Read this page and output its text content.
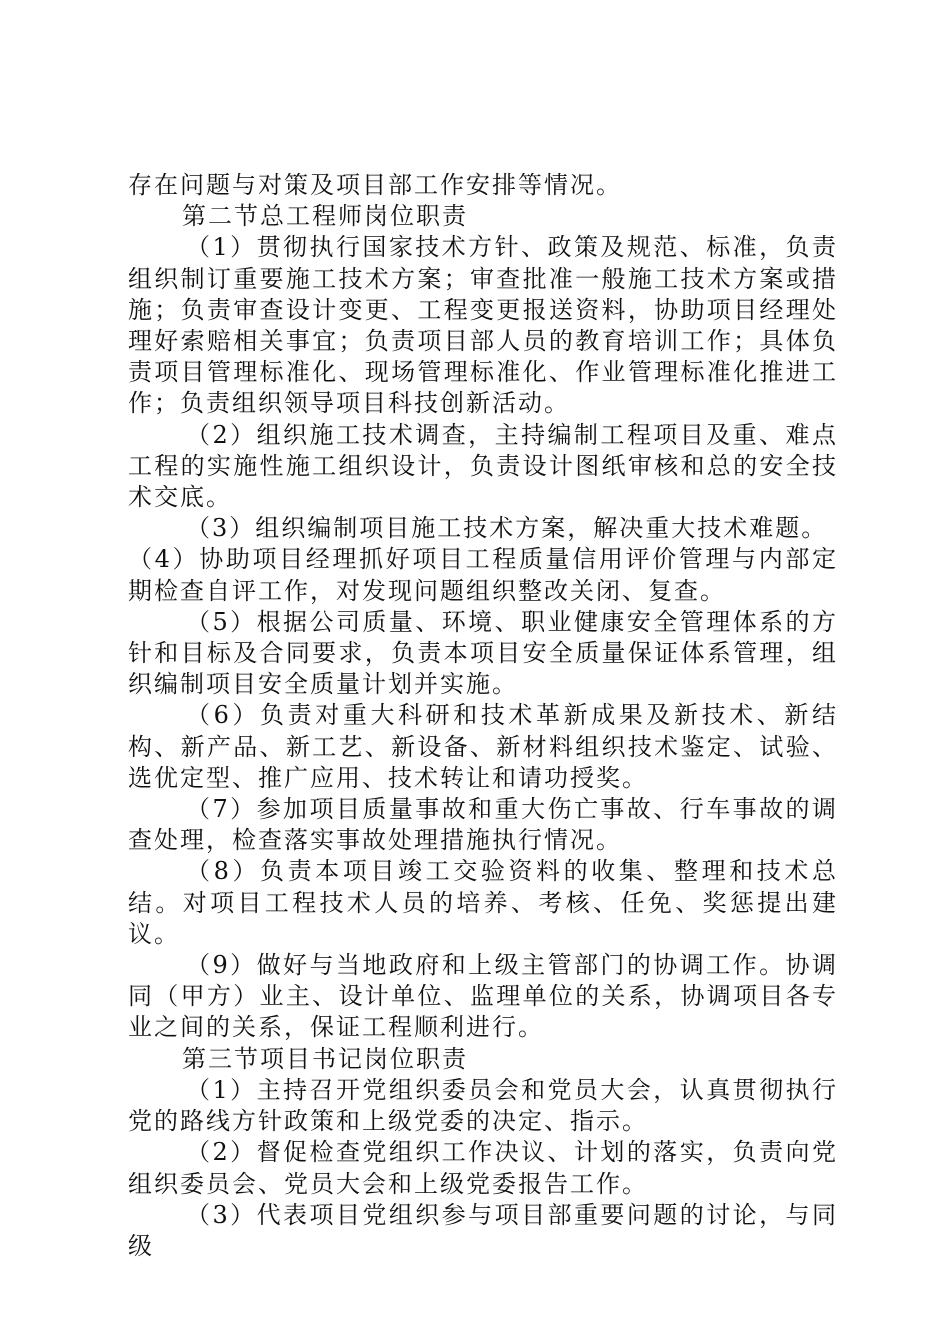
存在问题与对策及项目部工作安排等情况。

第二节总工程师岗位职责

（1）贯彻执行国家技术方针、政策及规范、标准，负责组织制订重要施工技术方案；审查批准一般施工技术方案或措施；负责审查设计变更、工程变更报送资料，协助项目经理处理好索赔相关事宜；负责项目部人员的教育培训工作；具体负责项目管理标准化、现场管理标准化、作业管理标准化推进工作；负责组织领导项目科技创新活动。

（2）组织施工技术调查，主持编制工程项目及重、难点工程的实施性施工组织设计，负责设计图纸审核和总的安全技术交底。

（3）组织编制项目施工技术方案，解决重大技术难题。

（4）协助项目经理抓好项目工程质量信用评价管理与内部定期检查自评工作，对发现问题组织整改关闭、复查。

（5）根据公司质量、环境、职业健康安全管理体系的方针和目标及合同要求，负责本项目安全质量保证体系管理，组织编制项目安全质量计划并实施。

（6）负责对重大科研和技术革新成果及新技术、新结构、新产品、新工艺、新设备、新材料组织技术鉴定、试验、选优定型、推广应用、技术转让和请功授奖。

（7）参加项目质量事故和重大伤亡事故、行车事故的调查处理，检查落实事故处理措施执行情况。

（8）负责本项目竣工交验资料的收集、整理和技术总结。对项目工程技术人员的培养、考核、任免、奖惩提出建议。

（9）做好与当地政府和上级主管部门的协调工作。协调同（甲方）业主、设计单位、监理单位的关系，协调项目各专业之间的关系，保证工程顺利进行。

第三节项目书记岗位职责

（1）主持召开党组织委员会和党员大会，认真贯彻执行党的路线方针政策和上级党委的决定、指示。

（2）督促检查党组织工作决议、计划的落实，负责向党组织委员会、党员大会和上级党委报告工作。

（3）代表项目党组织参与项目部重要问题的讨论，与同级
